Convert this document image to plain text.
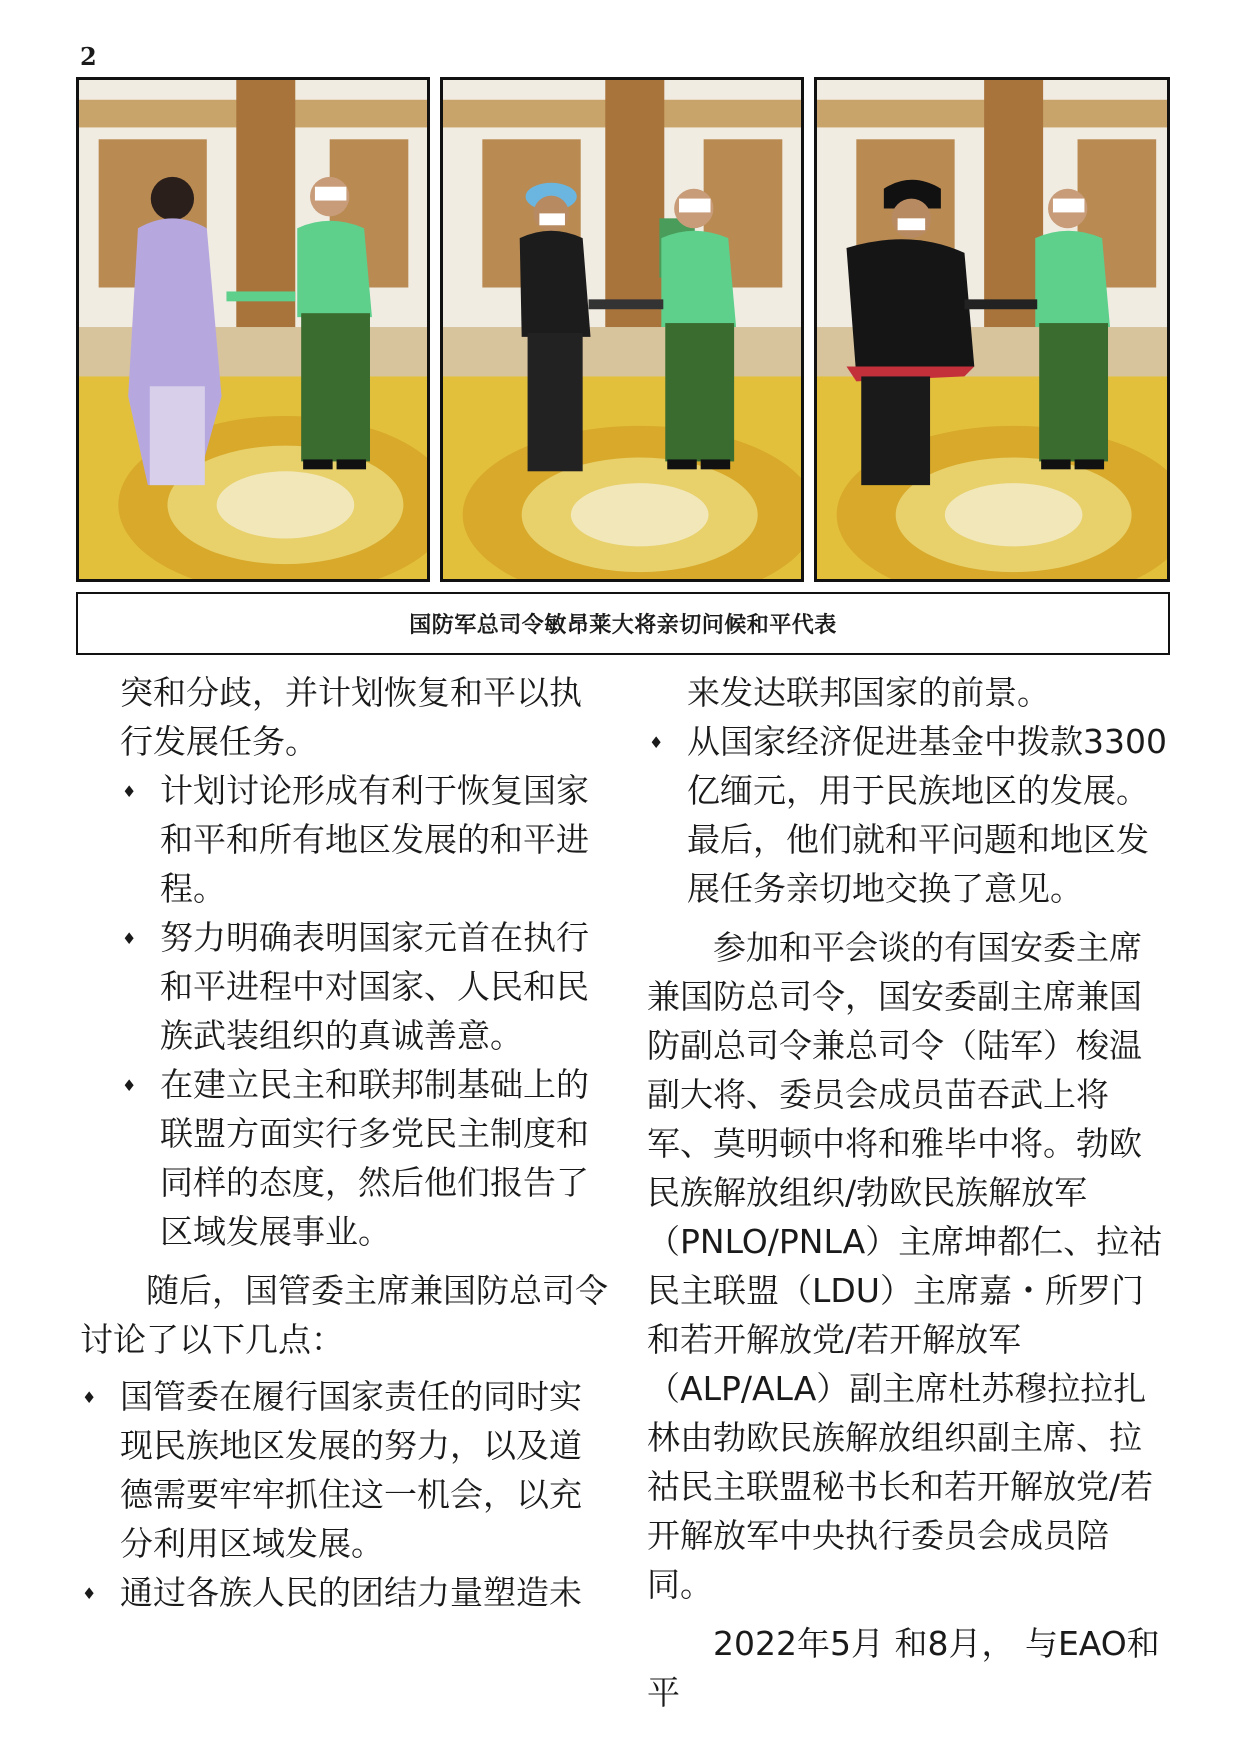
2
国防军总司令敏昂莱大将亲切问候和平代表

突和分歧，并计划恢复和平以执行发展任务。

♦ 计划讨论形成有利于恢复国家和平和所有地区发展的和平进程。
♦ 努力明确表明国家元首在执行和平进程中对国家、人民和民族武装组织的真诚善意。
♦ 在建立民主和联邦制基础上的联盟方面实行多党民主制度和同样的态度，然后他们报告了区域发展事业。

随后，国管委主席兼国防总司令讨论了以下几点：

♦ 国管委在履行国家责任的同时实现民族地区发展的努力，以及道德需要牢牢抓住这一机会，以充分利用区域发展。
♦ 通过各族人民的团结力量塑造未

来发达联邦国家的前景。

♦ 从国家经济促进基金中拨款3300亿缅元，用于民族地区的发展。最后，他们就和平问题和地区发展任务亲切地交换了意见。

参加和平会谈的有国安委主席兼国防总司令，国安委副主席兼国防副总司令兼总司令（陆军）梭温副大将、委员会成员苗吞武上将军、莫明顿中将和雅毕中将。勃欧民族解放组织/勃欧民族解放军（PNLO/PNLA）主席坤都仁、拉祜民主联盟（LDU）主席嘉・所罗门和若开解放党/若开解放军（ALP/ALA）副主席杜苏穆拉拉扎林由勃欧民族解放组织副主席、拉祜民主联盟秘书长和若开解放党/若开解放军中央执行委员会成员陪同。

2022年5月 和8月， 与EAO和 平
